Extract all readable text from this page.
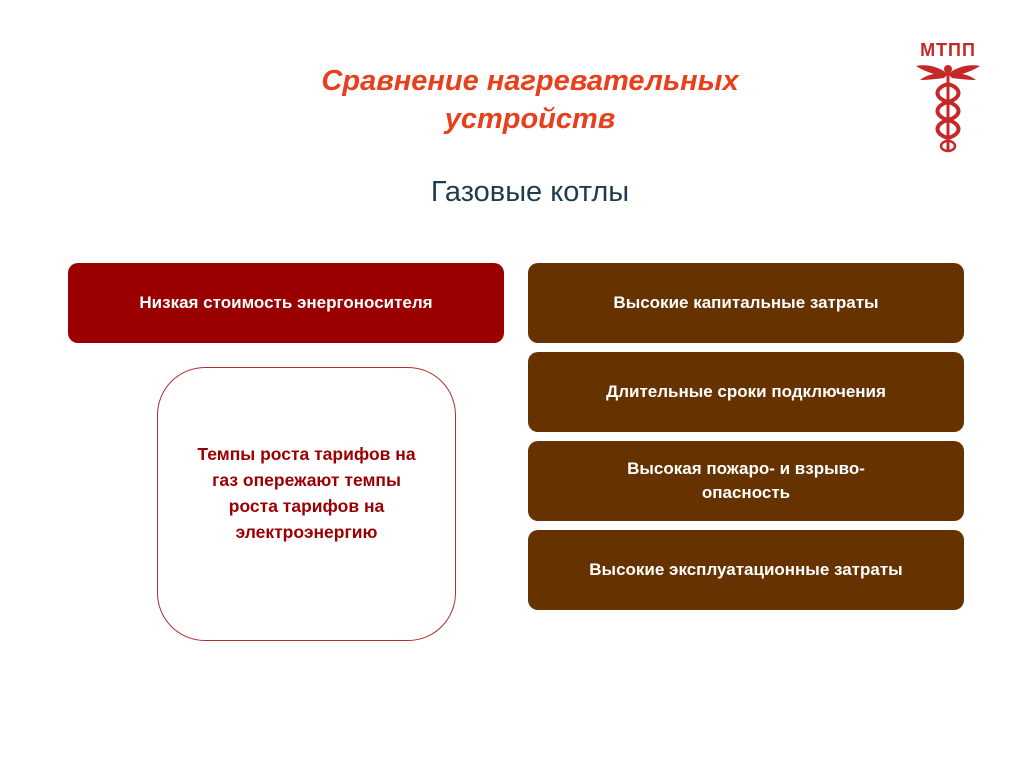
Сравнение нагревательных устройств
Газовые котлы
МТПП
Низкая стоимость энергоносителя
Темпы роста тарифов на газ опережают темпы роста тарифов на электроэнергию
Высокие капитальные затраты
Длительные сроки подключения
Высокая пожаро- и взрыво-опасность
Высокие эксплуатационные затраты
